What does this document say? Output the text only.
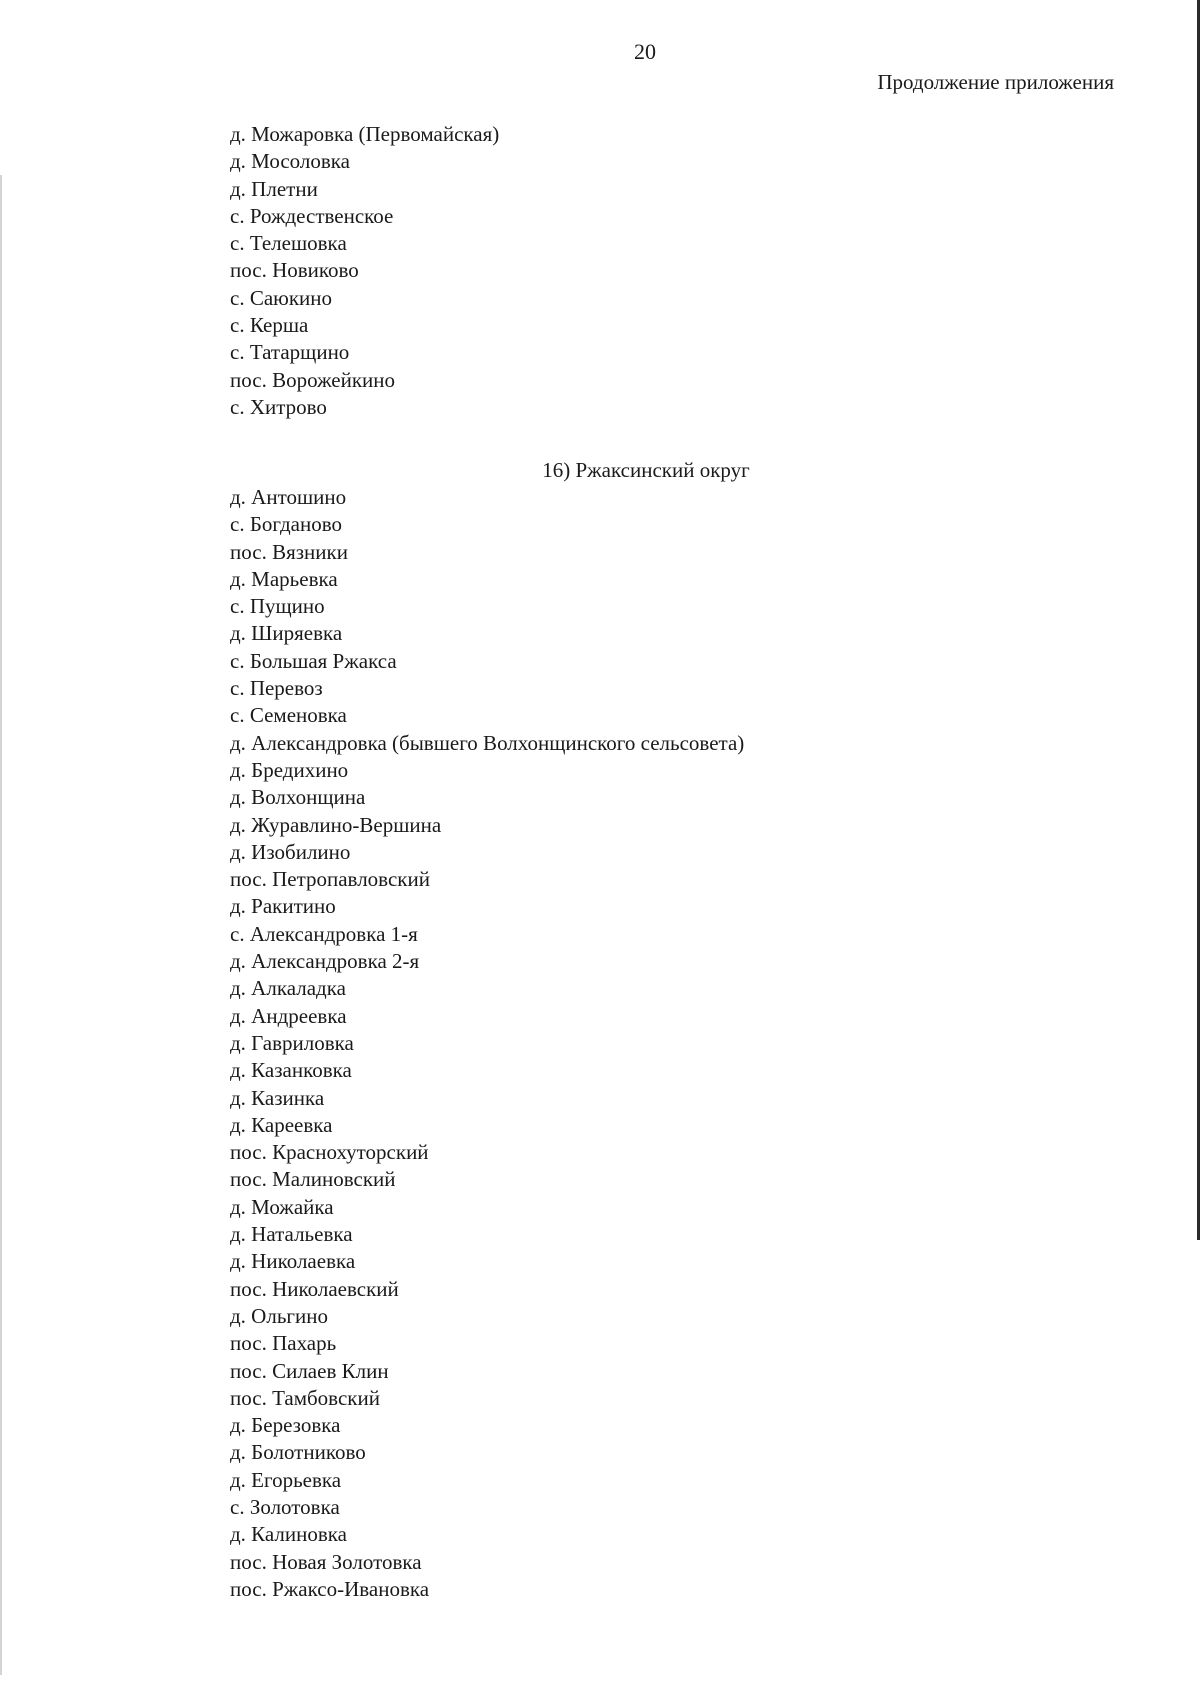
20
Продолжение приложения
д. Можаровка (Первомайская)
д. Мосоловка
д. Плетни
с. Рождественское
с. Телешовка
пос. Новиково
с. Саюкино
с. Керша
с. Татарщино
пос. Ворожейкино
с. Хитрово
16) Ржаксинский округ
д. Антошино
с. Богданово
пос. Вязники
д. Марьевка
с. Пущино
д. Ширяевка
с. Большая Ржакса
с. Перевоз
с. Семеновка
д. Александровка (бывшего Волхонщинского сельсовета)
д. Бредихино
д. Волхонщина
д. Журавлино-Вершина
д. Изобилино
пос. Петропавловский
д. Ракитино
с. Александровка 1-я
д. Александровка 2-я
д. Алкаладка
д. Андреевка
д. Гавриловка
д. Казанковка
д. Казинка
д. Кареевка
пос. Краснохуторский
пос. Малиновский
д. Можайка
д. Натальевка
д. Николаевка
пос. Николаевский
д. Ольгино
пос. Пахарь
пос. Силаев Клин
пос. Тамбовский
д. Березовка
д. Болотниково
д. Егорьевка
с. Золотовка
д. Калиновка
пос. Новая Золотовка
пос. Ржаксо-Ивановка
